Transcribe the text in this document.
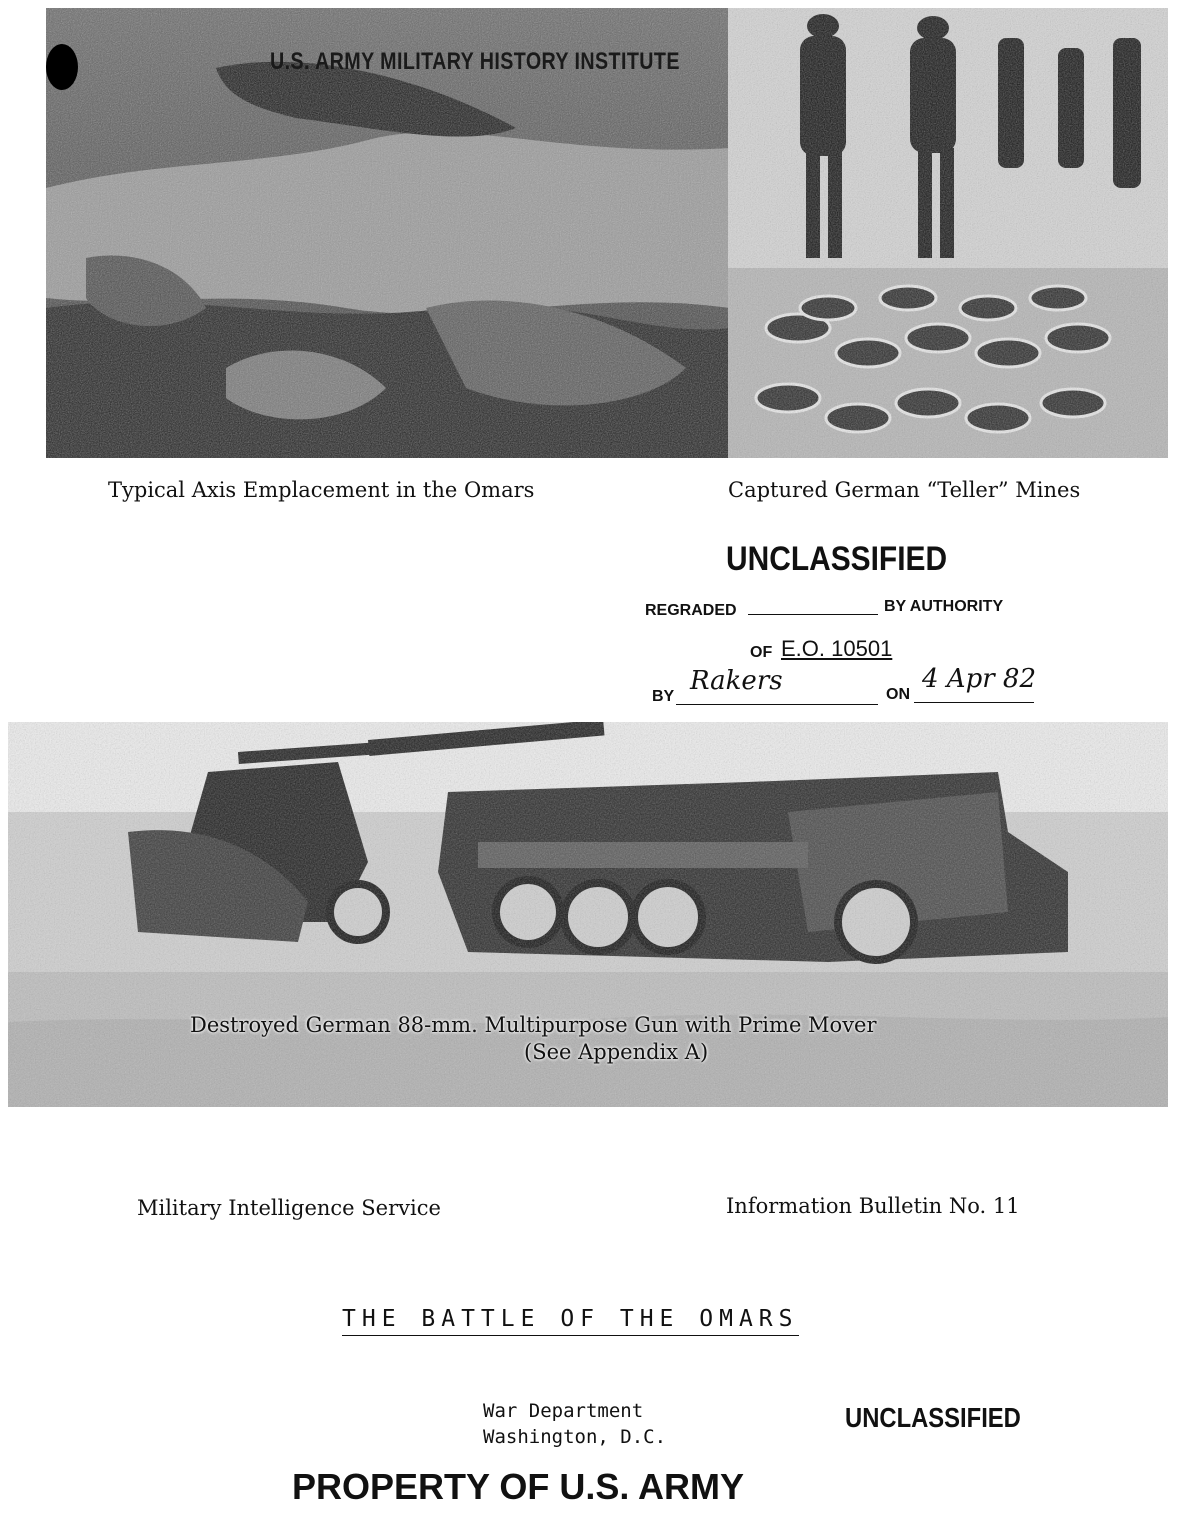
U.S. ARMY MILITARY HISTORY INSTITUTE
Typical Axis Emplacement in the Omars	Captured German “Teller” Mines
UNCLASSIFIED
REGRADED	BY AUTHORITY
OF E.O. 10501
BY
Rakers	ON
4 Apr 82
Destroyed German 88-mm. Multipurpose Gun with Prime Mover
(See Appendix A)
Military Intelligence Service	Information Bulletin No. 11
THE BATTLE OF THE OMARS
War Department
Washington, D.C.
UNCLASSIFIED
PROPERTY OF U.S. ARMY
